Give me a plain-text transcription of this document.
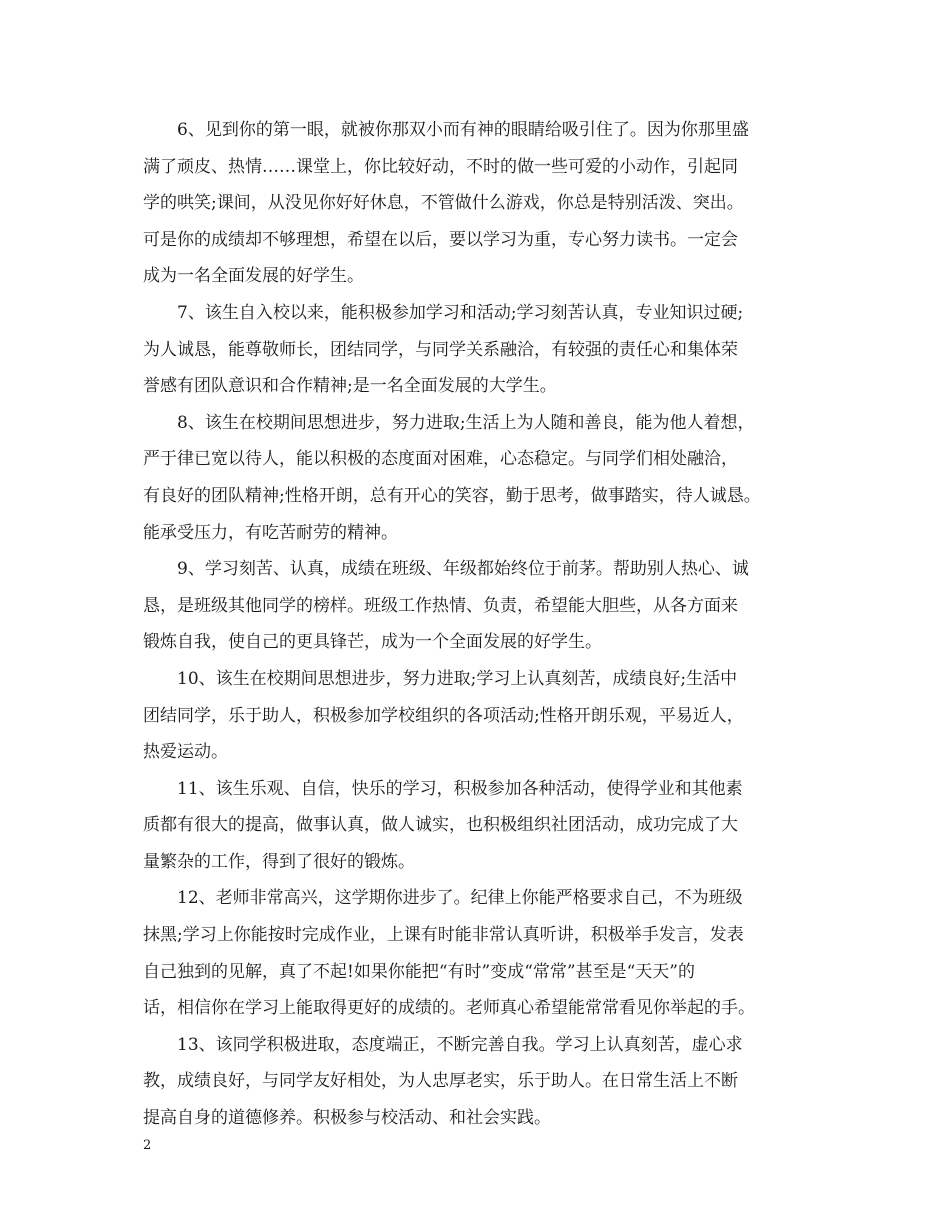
6、见到你的第一眼，就被你那双小而有神的眼睛给吸引住了。因为你那里盛
满了顽皮、热情……课堂上，你比较好动，不时的做一些可爱的小动作，引起同
学的哄笑;课间，从没见你好好休息，不管做什么游戏，你总是特别活泼、突出。
可是你的成绩却不够理想，希望在以后，要以学习为重，专心努力读书。一定会
成为一名全面发展的好学生。
7、该生自入校以来，能积极参加学习和活动;学习刻苦认真，专业知识过硬;
为人诚恳，能尊敬师长，团结同学，与同学关系融洽，有较强的责任心和集体荣
誉感有团队意识和合作精神;是一名全面发展的大学生。
8、该生在校期间思想进步，努力进取;生活上为人随和善良，能为他人着想，
严于律已宽以待人，能以积极的态度面对困难，心态稳定。与同学们相处融洽，
有良好的团队精神;性格开朗，总有开心的笑容，勤于思考，做事踏实，待人诚恳。
能承受压力，有吃苦耐劳的精神。
9、学习刻苦、认真，成绩在班级、年级都始终位于前茅。帮助别人热心、诚
恳，是班级其他同学的榜样。班级工作热情、负责，希望能大胆些，从各方面来
锻炼自我，使自己的更具锋芒，成为一个全面发展的好学生。
10、该生在校期间思想进步，努力进取;学习上认真刻苦，成绩良好;生活中
团结同学，乐于助人，积极参加学校组织的各项活动;性格开朗乐观，平易近人，
热爱运动。
11、该生乐观、自信，快乐的学习，积极参加各种活动，使得学业和其他素
质都有很大的提高，做事认真，做人诚实，也积极组织社团活动，成功完成了大
量繁杂的工作，得到了很好的锻炼。
12、老师非常高兴，这学期你进步了。纪律上你能严格要求自己，不为班级
抹黑;学习上你能按时完成作业，上课有时能非常认真听讲，积极举手发言，发表
自己独到的见解，真了不起!如果你能把“有时”变成“常常”甚至是“天天”的
话，相信你在学习上能取得更好的成绩的。老师真心希望能常常看见你举起的手。
13、该同学积极进取，态度端正，不断完善自我。学习上认真刻苦，虚心求
教，成绩良好，与同学友好相处，为人忠厚老实，乐于助人。在日常生活上不断
提高自身的道德修养。积极参与校活动、和社会实践。
2
